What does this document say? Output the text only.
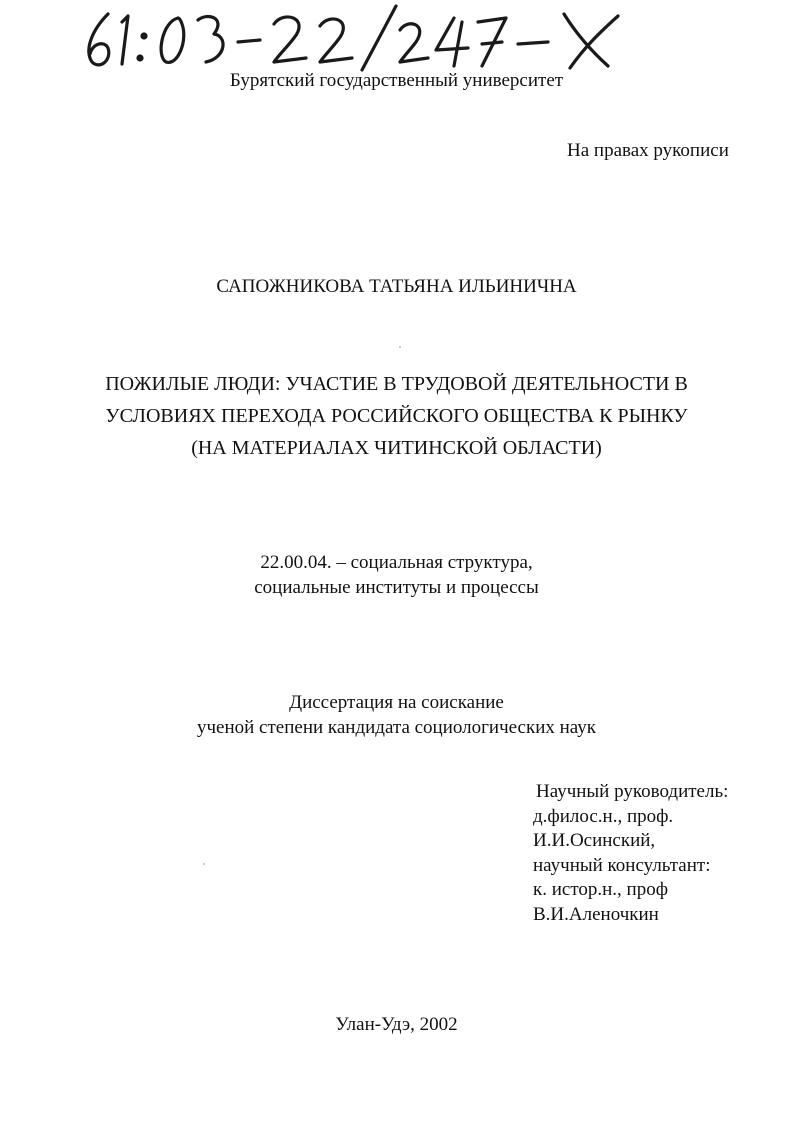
Бурятский государственный университет
На правах рукописи
САПОЖНИКОВА ТАТЬЯНА ИЛЬИНИЧНА
ПОЖИЛЫЕ ЛЮДИ: УЧАСТИЕ В ТРУДОВОЙ ДЕЯТЕЛЬНОСТИ В
УСЛОВИЯХ ПЕРЕХОДА РОССИЙСКОГО ОБЩЕСТВА К РЫНКУ
(НА МАТЕРИАЛАХ ЧИТИНСКОЙ ОБЛАСТИ)
22.00.04. – социальная структура,
социальные институты и процессы
Диссертация на соискание
ученой степени кандидата социологических наук
Научный руководитель:
д.филос.н., проф.
И.И.Осинский,
научный консультант:
к. истор.н., проф
В.И.Аленочкин
Улан-Удэ, 2002
